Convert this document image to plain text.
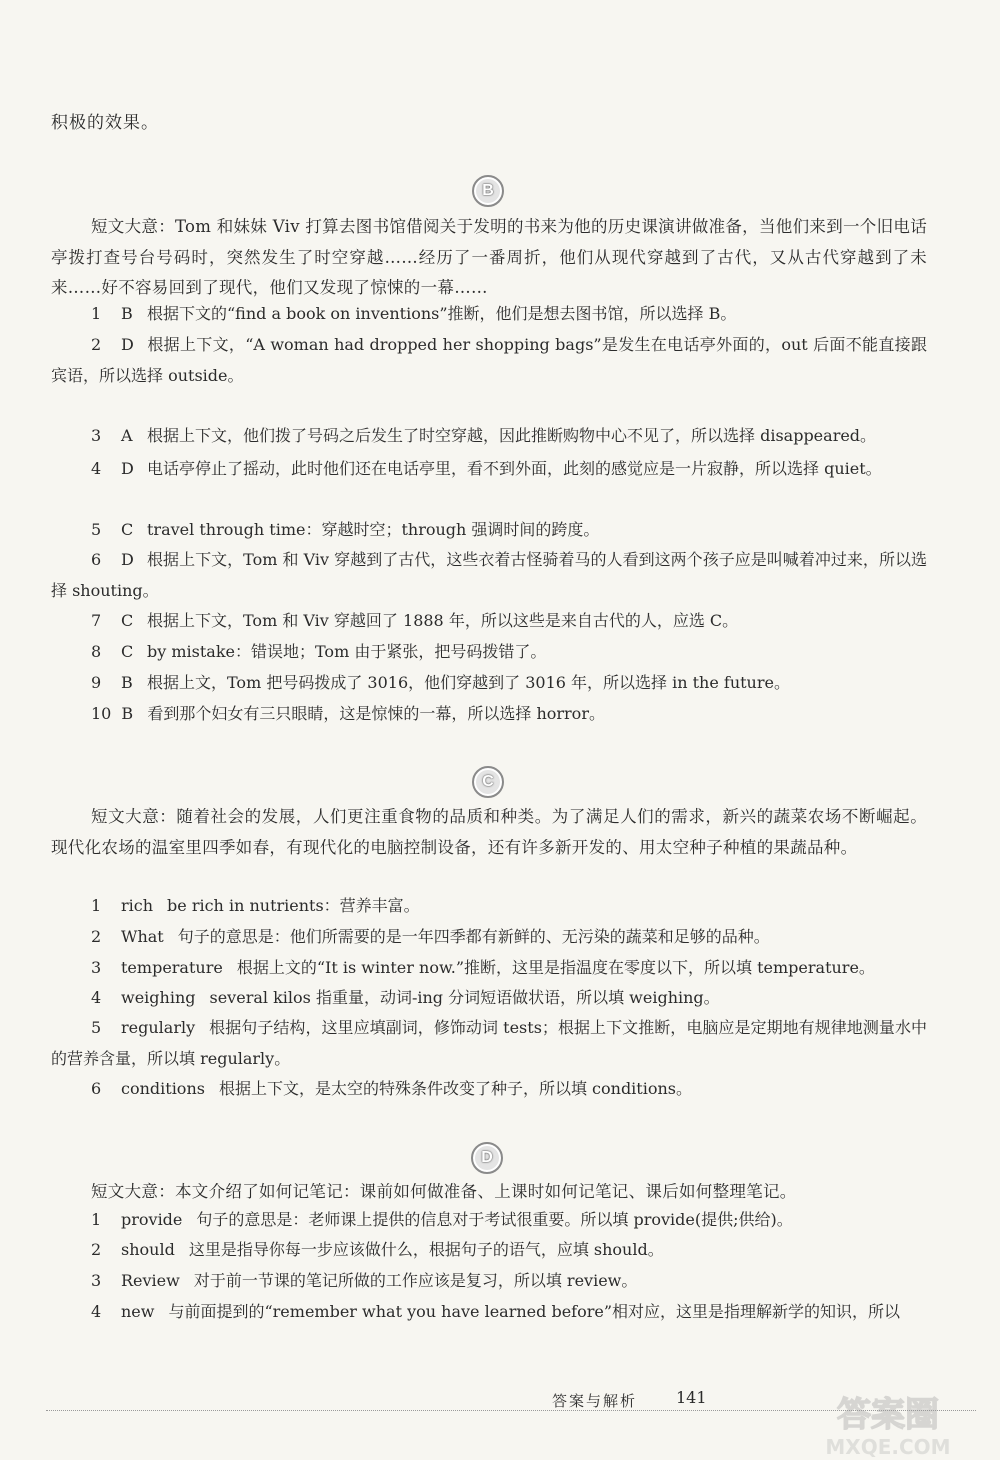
积极的效果。
B
短文大意：Tom 和妹妹 Viv 打算去图书馆借阅关于发明的书来为他的历史课演讲做准备，当他们来到一个旧电话亭拨打查号台号码时，突然发生了时空穿越……经历了一番周折，他们从现代穿越到了古代，又从古代穿越到了未来……好不容易回到了现代，他们又发现了惊悚的一幕……
1 B 根据下文的“find a book on inventions”推断，他们是想去图书馆，所以选择 B。
2 D 根据上下文，“A woman had dropped her shopping bags”是发生在电话亭外面的，out 后面不能直接跟宾语，所以选择 outside。
3 A 根据上下文，他们拨了号码之后发生了时空穿越，因此推断购物中心不见了，所以选择 disappeared。
4 D 电话亭停止了摇动，此时他们还在电话亭里，看不到外面，此刻的感觉应是一片寂静，所以选择 quiet。
5 C travel through time：穿越时空；through 强调时间的跨度。
6 D 根据上下文，Tom 和 Viv 穿越到了古代，这些衣着古怪骑着马的人看到这两个孩子应是叫喊着冲过来，所以选择 shouting。
7 C 根据上下文，Tom 和 Viv 穿越回了 1888 年，所以这些是来自古代的人，应选 C。
8 C by mistake：错误地；Tom 由于紧张，把号码拨错了。
9 B 根据上文，Tom 把号码拨成了 3016，他们穿越到了 3016 年，所以选择 in the future。
10 B 看到那个妇女有三只眼睛，这是惊悚的一幕，所以选择 horror。
C
短文大意：随着社会的发展，人们更注重食物的品质和种类。为了满足人们的需求，新兴的蔬菜农场不断崛起。现代化农场的温室里四季如春，有现代化的电脑控制设备，还有许多新开发的、用太空种子种植的果蔬品种。
1 rich be rich in nutrients：营养丰富。
2 What 句子的意思是：他们所需要的是一年四季都有新鲜的、无污染的蔬菜和足够的品种。
3 temperature 根据上文的“It is winter now.”推断，这里是指温度在零度以下，所以填 temperature。
4 weighing several kilos 指重量，动词-ing 分词短语做状语，所以填 weighing。
5 regularly 根据句子结构，这里应填副词，修饰动词 tests；根据上下文推断，电脑应是定期地有规律地测量水中的营养含量，所以填 regularly。
6 conditions 根据上下文，是太空的特殊条件改变了种子，所以填 conditions。
D
短文大意：本文介绍了如何记笔记：课前如何做准备、上课时如何记笔记、课后如何整理笔记。
1 provide 句子的意思是：老师课上提供的信息对于考试很重要。所以填 provide(提供;供给)。
2 should 这里是指导你每一步应该做什么，根据句子的语气，应填 should。
3 Review 对于前一节课的笔记所做的工作应该是复习，所以填 review。
4 new 与前面提到的“remember what you have learned before”相对应，这里是指理解新学的知识，所以
答案与解析 141	答案圈
MXQE.COM
